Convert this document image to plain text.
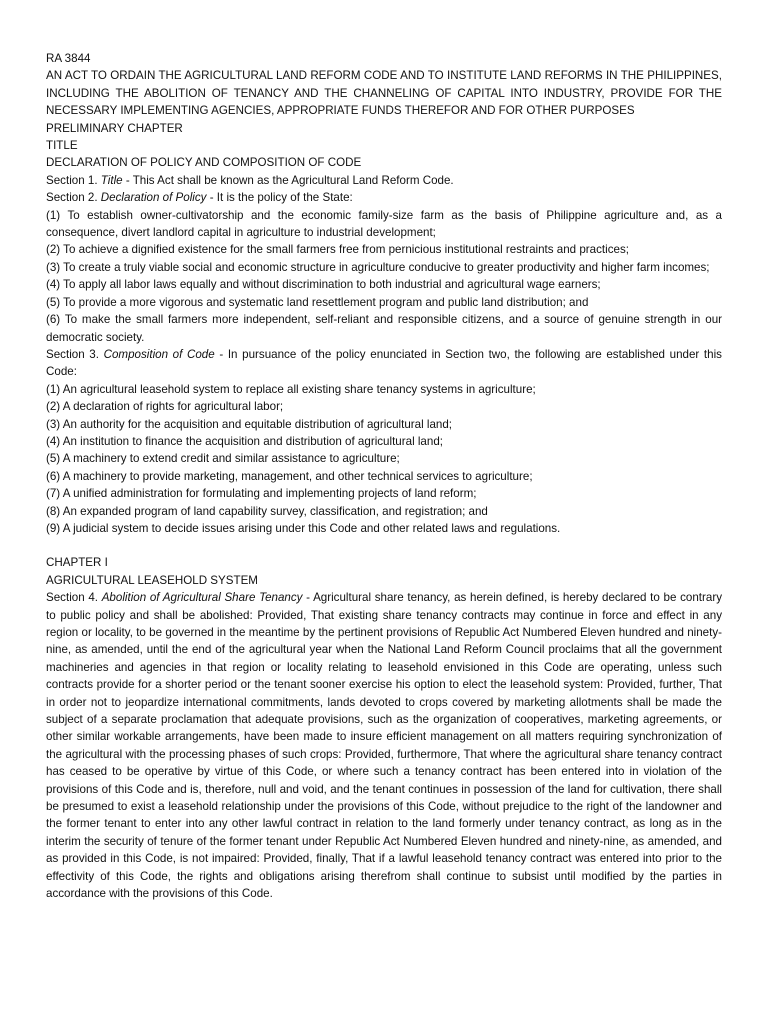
RA 3844

AN ACT TO ORDAIN THE AGRICULTURAL LAND REFORM CODE AND TO INSTITUTE LAND REFORMS IN THE PHILIPPINES, INCLUDING THE ABOLITION OF TENANCY AND THE CHANNELING OF CAPITAL INTO INDUSTRY, PROVIDE FOR THE NECESSARY IMPLEMENTING AGENCIES, APPROPRIATE FUNDS THEREFOR AND FOR OTHER PURPOSES

PRELIMINARY CHAPTER

TITLE

DECLARATION OF POLICY AND COMPOSITION OF CODE

Section 1. Title - This Act shall be known as the Agricultural Land Reform Code.

Section 2. Declaration of Policy - It is the policy of the State:

(1) To establish owner-cultivatorship and the economic family-size farm as the basis of Philippine agriculture and, as a consequence, divert landlord capital in agriculture to industrial development;

(2) To achieve a dignified existence for the small farmers free from pernicious institutional restraints and practices;

(3) To create a truly viable social and economic structure in agriculture conducive to greater productivity and higher farm incomes;

(4) To apply all labor laws equally and without discrimination to both industrial and agricultural wage earners;

(5) To provide a more vigorous and systematic land resettlement program and public land distribution; and

(6) To make the small farmers more independent, self-reliant and responsible citizens, and a source of genuine strength in our democratic society.

Section 3. Composition of Code - In pursuance of the policy enunciated in Section two, the following are established under this Code:

(1) An agricultural leasehold system to replace all existing share tenancy systems in agriculture;

(2) A declaration of rights for agricultural labor;

(3) An authority for the acquisition and equitable distribution of agricultural land;

(4) An institution to finance the acquisition and distribution of agricultural land;

(5) A machinery to extend credit and similar assistance to agriculture;

(6) A machinery to provide marketing, management, and other technical services to agriculture;

(7) A unified administration for formulating and implementing projects of land reform;

(8) An expanded program of land capability survey, classification, and registration; and

(9) A judicial system to decide issues arising under this Code and other related laws and regulations.

CHAPTER I

AGRICULTURAL LEASEHOLD SYSTEM

Section 4. Abolition of Agricultural Share Tenancy - Agricultural share tenancy, as herein defined, is hereby declared to be contrary to public policy and shall be abolished: Provided, That existing share tenancy contracts may continue in force and effect in any region or locality, to be governed in the meantime by the pertinent provisions of Republic Act Numbered Eleven hundred and ninety-nine, as amended, until the end of the agricultural year when the National Land Reform Council proclaims that all the government machineries and agencies in that region or locality relating to leasehold envisioned in this Code are operating, unless such contracts provide for a shorter period or the tenant sooner exercise his option to elect the leasehold system: Provided, further, That in order not to jeopardize international commitments, lands devoted to crops covered by marketing allotments shall be made the subject of a separate proclamation that adequate provisions, such as the organization of cooperatives, marketing agreements, or other similar workable arrangements, have been made to insure efficient management on all matters requiring synchronization of the agricultural with the processing phases of such crops: Provided, furthermore, That where the agricultural share tenancy contract has ceased to be operative by virtue of this Code, or where such a tenancy contract has been entered into in violation of the provisions of this Code and is, therefore, null and void, and the tenant continues in possession of the land for cultivation, there shall be presumed to exist a leasehold relationship under the provisions of this Code, without prejudice to the right of the landowner and the former tenant to enter into any other lawful contract in relation to the land formerly under tenancy contract, as long as in the interim the security of tenure of the former tenant under Republic Act Numbered Eleven hundred and ninety-nine, as amended, and as provided in this Code, is not impaired: Provided, finally, That if a lawful leasehold tenancy contract was entered into prior to the effectivity of this Code, the rights and obligations arising therefrom shall continue to subsist until modified by the parties in accordance with the provisions of this Code.
